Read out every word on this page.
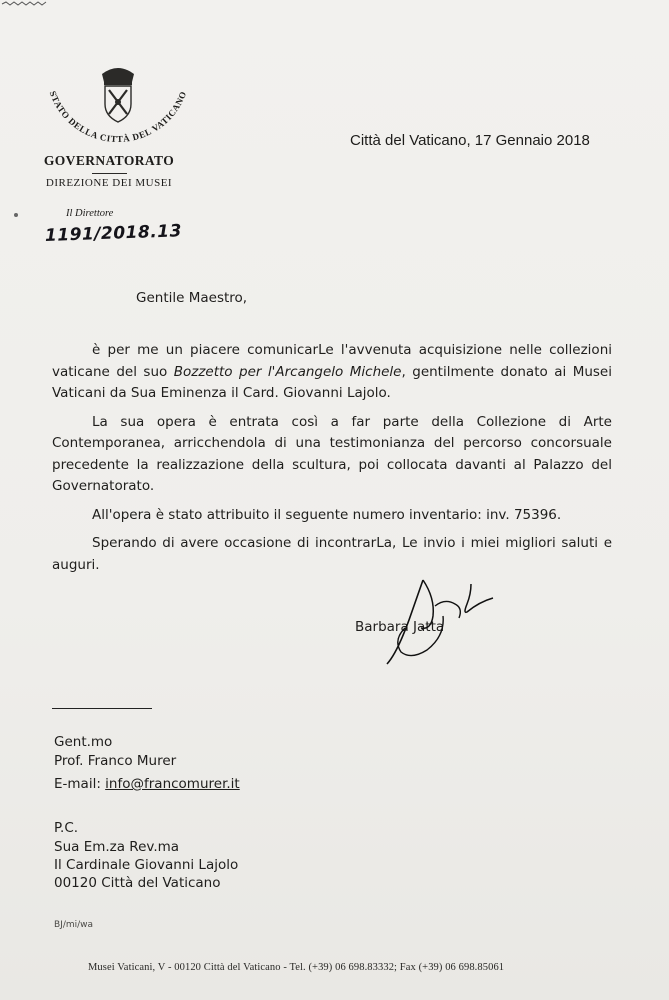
STATO DELLA CITTÀ DEL VATICANO
GOVERNATORATO
DIREZIONE DEI MUSEI
Il Direttore
1191/2018.13
Città del Vaticano, 17 Gennaio 2018
Gentile Maestro,

è per me un piacere comunicarLe l'avvenuta acquisizione nelle collezioni vaticane del suo Bozzetto per l'Arcangelo Michele, gentilmente donato ai Musei Vaticani da Sua Eminenza il Card. Giovanni Lajolo.

La sua opera è entrata così a far parte della Collezione di Arte Contemporanea, arricchendola di una testimonianza del percorso concorsuale precedente la realizzazione della scultura, poi collocata davanti al Palazzo del Governatorato.

All'opera è stato attribuito il seguente numero inventario: inv. 75396.

Sperando di avere occasione di incontrarLa, Le invio i miei migliori saluti e auguri.

Barbara Jatta
Gent.mo
Prof. Franco Murer
E-mail: info@francomurer.it
P.C.
Sua Em.za Rev.ma
Il Cardinale Giovanni Lajolo
00120 Città del Vaticano
BJ/mi/wa
Musei Vaticani, V - 00120 Città del Vaticano - Tel. (+39) 06 698.83332; Fax (+39) 06 698.85061
